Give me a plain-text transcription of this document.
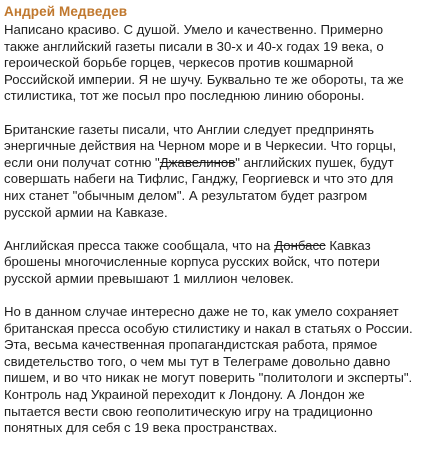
Андрей Медведев

Написано красиво. С душой. Умело и качественно. Примерно также английский газеты писали в 30-х и 40-х годах 19 века, о героической борьбе горцев, черкесов против кошмарной Российской империи. Я не шучу. Буквально те же обороты, та же стилистика, тот же посыл про последнюю линию обороны.

Британские газеты писали, что Англии следует предпринять энергичные действия на Черном море и в Черкесии. Что горцы, если они получат сотню "Джавелинов" английских пушек, будут совершать набеги на Тифлис, Ганджу, Георгиевск и что это для них станет "обычным делом". А результатом будет разгром русской армии на Кавказе.

Английская пресса также сообщала, что на Донбасс Кавказ брошены многочисленные корпуса русских войск, что потери русской армии превышают 1 миллион человек.

Но в данном случае интересно даже не то, как умело сохраняет британская пресса особую стилистику и накал в статьях о России. Эта, весьма качественная пропагандистская работа, прямое свидетельство того, о чем мы тут в Телеграме довольно давно пишем, и во что никак не могут поверить "политологи и эксперты". Контроль над Украиной переходит к Лондону. А Лондон же пытается вести свою геополитическую игру на традиционно понятных для себя с 19 века пространствах.
